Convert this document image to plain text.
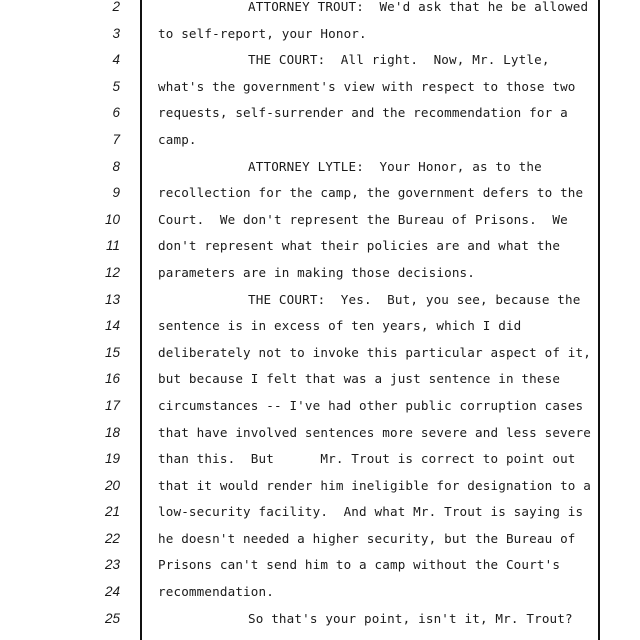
2	ATTORNEY TROUT:  We'd ask that he be allowed
3	to self-report, your Honor.
4	THE COURT:  All right.  Now, Mr. Lytle,
5	what's the government's view with respect to those two
6	requests, self-surrender and the recommendation for a
7	camp.
8	ATTORNEY LYTLE:  Your Honor, as to the
9	recollection for the camp, the government defers to the
10	Court.  We don't represent the Bureau of Prisons.  We
11	don't represent what their policies are and what the
12	parameters are in making those decisions.
13	THE COURT:  Yes.  But, you see, because the
14	sentence is in excess of ten years, which I did
15	deliberately not to invoke this particular aspect of it,
16	but because I felt that was a just sentence in these
17	circumstances -- I've had other public corruption cases
18	that have involved sentences more severe and less severe
19	than this.  But      Mr. Trout is correct to point out
20	that it would render him ineligible for designation to a
21	low-security facility.  And what Mr. Trout is saying is
22	he doesn't needed a higher security, but the Bureau of
23	Prisons can't send him to a camp without the Court's
24	recommendation.
25	So that's your point, isn't it, Mr. Trout?
